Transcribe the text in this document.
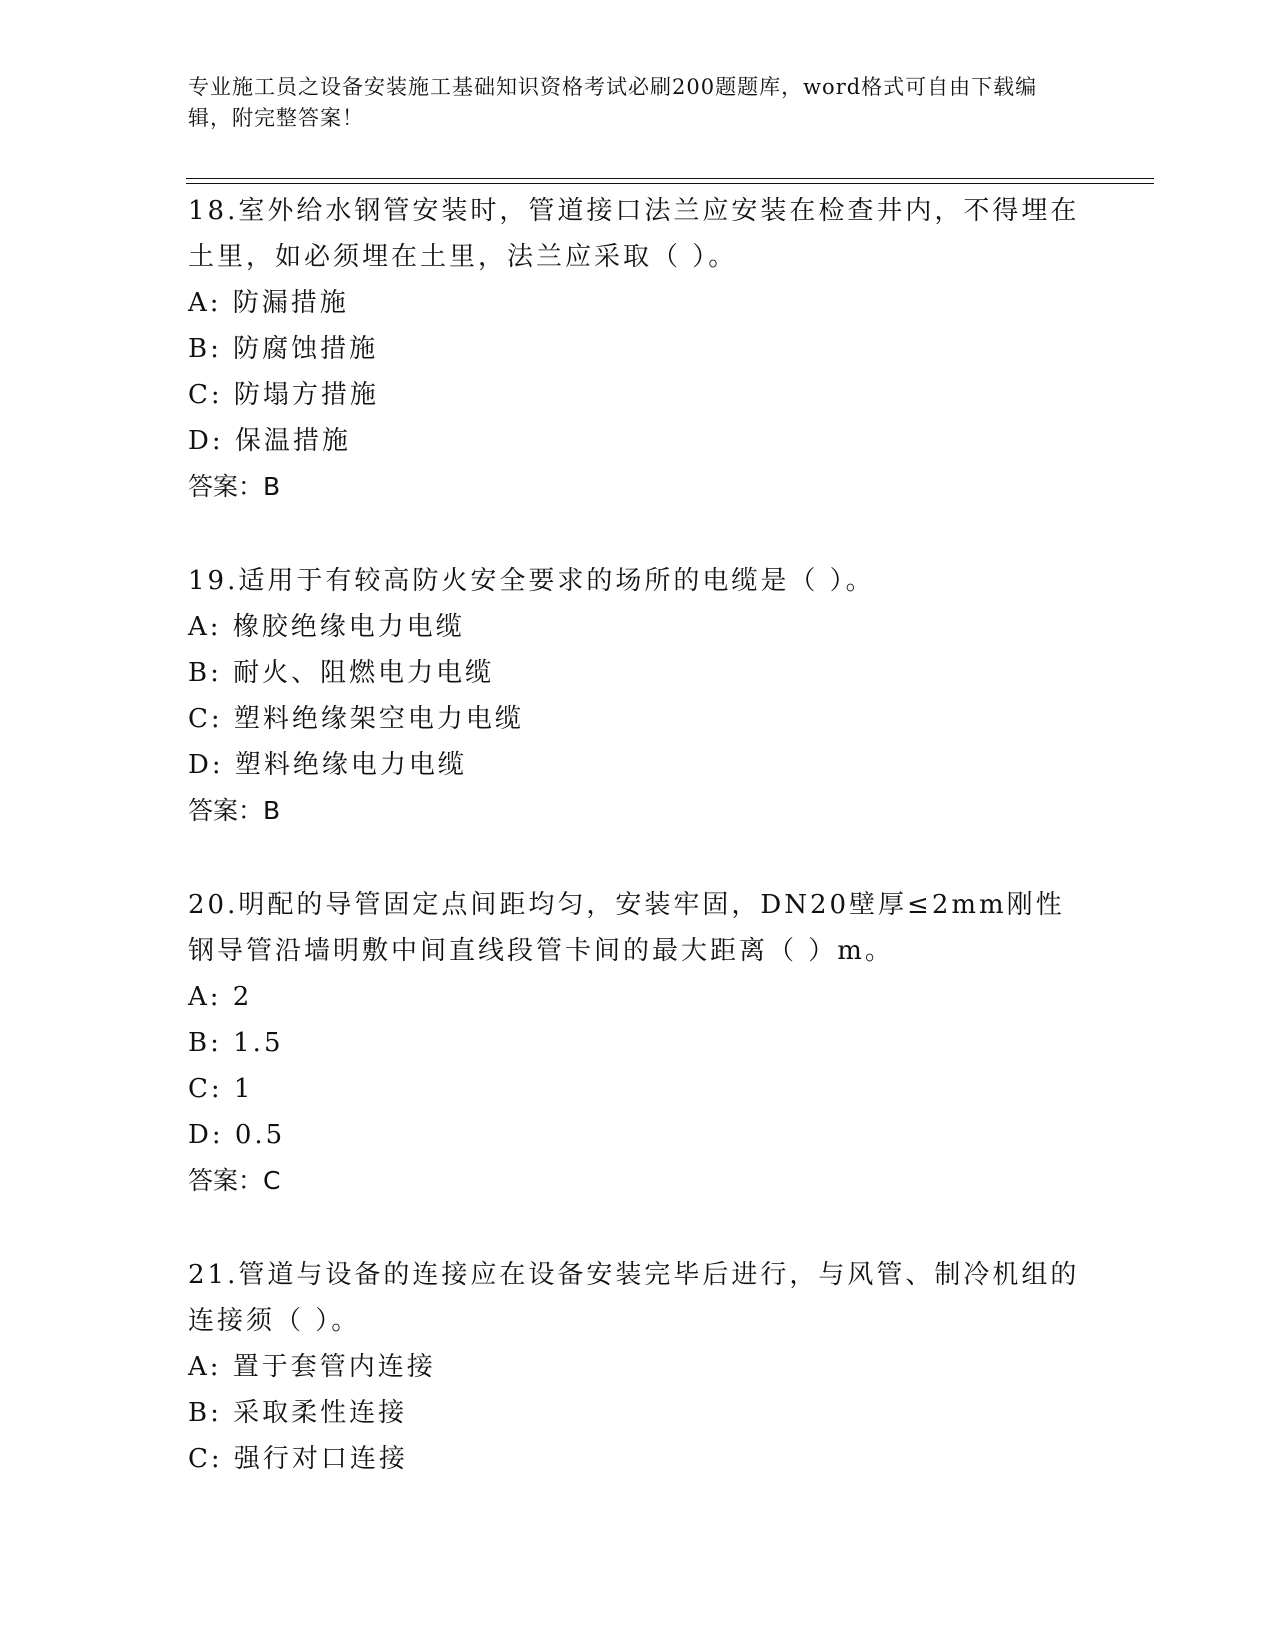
专业施工员之设备安装施工基础知识资格考试必刷200题题库，word格式可自由下载编辑，附完整答案！

18.室外给水钢管安装时，管道接口法兰应安装在检查井内，不得埋在土里，如必须埋在土里，法兰应采取（ ）。

A: 防漏措施

B: 防腐蚀措施

C: 防塌方措施

D: 保温措施

答案：B

19.适用于有较高防火安全要求的场所的电缆是（ ）。

A: 橡胶绝缘电力电缆

B: 耐火、阻燃电力电缆

C: 塑料绝缘架空电力电缆

D: 塑料绝缘电力电缆

答案：B

20.明配的导管固定点间距均匀，安装牢固，DN20壁厚≤2mm刚性钢导管沿墙明敷中间直线段管卡间的最大距离（ ）m。

A: 2

B: 1.5

C: 1

D: 0.5

答案：C

21.管道与设备的连接应在设备安装完毕后进行，与风管、制冷机组的连接须（ ）。

A: 置于套管内连接

B: 采取柔性连接

C: 强行对口连接
